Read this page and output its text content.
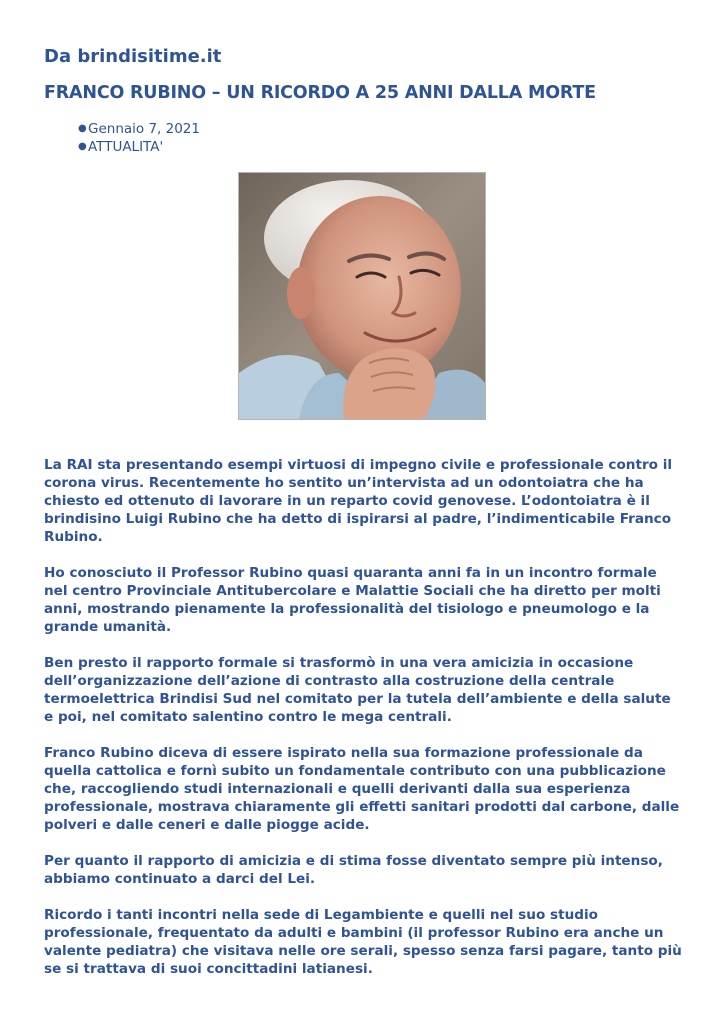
Da brindisitime.it
FRANCO RUBINO – UN RICORDO A 25 ANNI DALLA MORTE
● Gennaio 7, 2021
● ATTUALITA'

La RAI sta presentando esempi virtuosi di impegno civile e professionale contro il corona virus. Recentemente ho sentito un’intervista ad un odontoiatra che ha chiesto ed ottenuto di lavorare in un reparto covid genovese. L’odontoiatra è il brindisino Luigi Rubino che ha detto di ispirarsi al padre, l’indimenticabile Franco Rubino.

Ho conosciuto il Professor Rubino quasi quaranta anni fa in un incontro formale nel centro Provinciale Antitubercolare e Malattie Sociali che ha diretto per molti anni, mostrando pienamente la professionalità del tisiologo e pneumologo e la grande umanità.

Ben presto il rapporto formale si trasformò in una vera amicizia in occasione dell’organizzazione dell’azione di contrasto alla costruzione della centrale termoelettrica Brindisi Sud nel comitato per la tutela dell’ambiente e della salute e poi, nel comitato salentino contro le mega centrali.

Franco Rubino diceva di essere ispirato nella sua formazione professionale da quella cattolica e fornì subito un fondamentale contributo con una pubblicazione che, raccogliendo studi internazionali e quelli derivanti dalla sua esperienza professionale, mostrava chiaramente gli effetti sanitari prodotti dal carbone, dalle polveri e dalle ceneri e dalle piogge acide.

Per quanto il rapporto di amicizia e di stima fosse diventato sempre più intenso, abbiamo continuato a darci del Lei.

Ricordo i tanti incontri nella sede di Legambiente e quelli nel suo studio professionale, frequentato da adulti e bambini (il professor Rubino era anche un valente pediatra) che visitava nelle ore serali, spesso senza farsi pagare, tanto più se si trattava di suoi concittadini latianesi.
